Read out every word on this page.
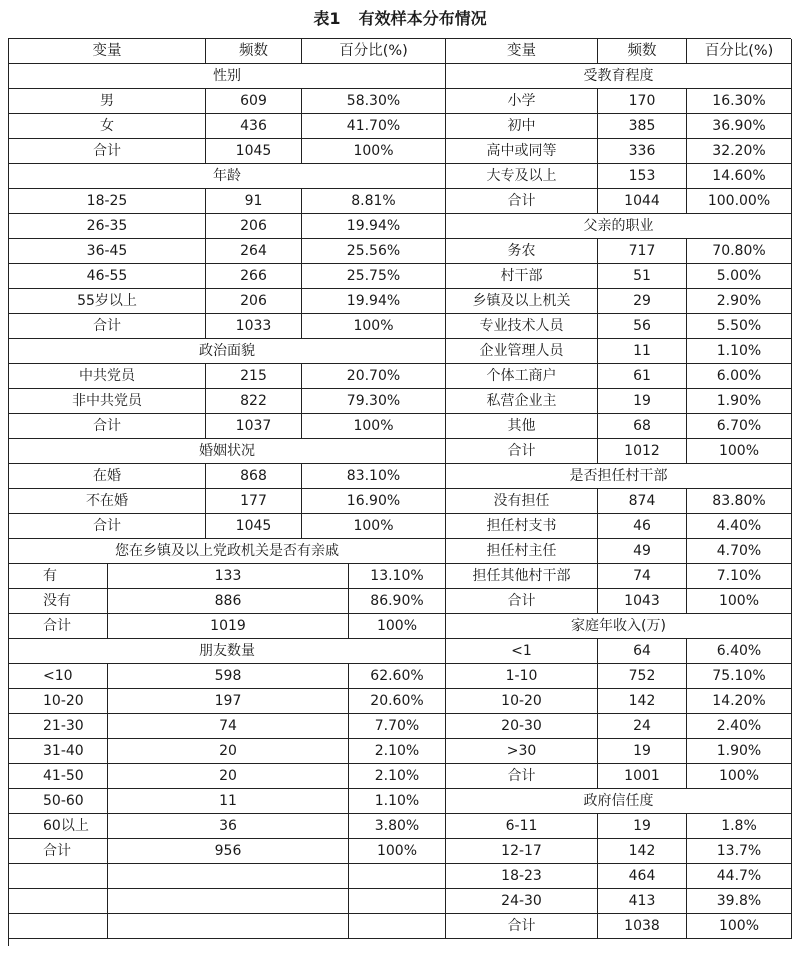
表1 有效样本分布情况
变量	频数	百分比(%)
性别
男	609	58.30%
女	436	41.70%
合计	1045	100%
年龄
18-25	91	8.81%
26-35	206	19.94%
36-45	264	25.56%
46-55	266	25.75%
55岁以上	206	19.94%
合计	1033	100%
政治面貌
中共党员	215	20.70%
非中共党员	822	79.30%
合计	1037	100%
婚姻状况
在婚	868	83.10%
不在婚	177	16.90%
合计	1045	100%
您在乡镇及以上党政机关是否有亲戚
有	133	13.10%
没有	886	86.90%
合计	1019	100%
朋友数量
<10	598	62.60%
10-20	197	20.60%
21-30	74	7.70%
31-40	20	2.10%
41-50	20	2.10%
50-60	11	1.10%
60以上	36	3.80%
合计	956	100%
变量	频数	百分比(%)
受教育程度
小学	170	16.30%
初中	385	36.90%
高中或同等	336	32.20%
大专及以上	153	14.60%
合计	1044	100.00%
父亲的职业
务农	717	70.80%
村干部	51	5.00%
乡镇及以上机关	29	2.90%
专业技术人员	56	5.50%
企业管理人员	11	1.10%
个体工商户	61	6.00%
私营企业主	19	1.90%
其他	68	6.70%
合计	1012	100%
是否担任村干部
没有担任	874	83.80%
担任村支书	46	4.40%
担任村主任	49	4.70%
担任其他村干部	74	7.10%
合计	1043	100%
家庭年收入(万)
<1	64	6.40%
1-10	752	75.10%
10-20	142	14.20%
20-30	24	2.40%
>30	19	1.90%
合计	1001	100%
政府信任度
6-11	19	1.8%
12-17	142	13.7%
18-23	464	44.7%
24-30	413	39.8%
合计	1038	100%
